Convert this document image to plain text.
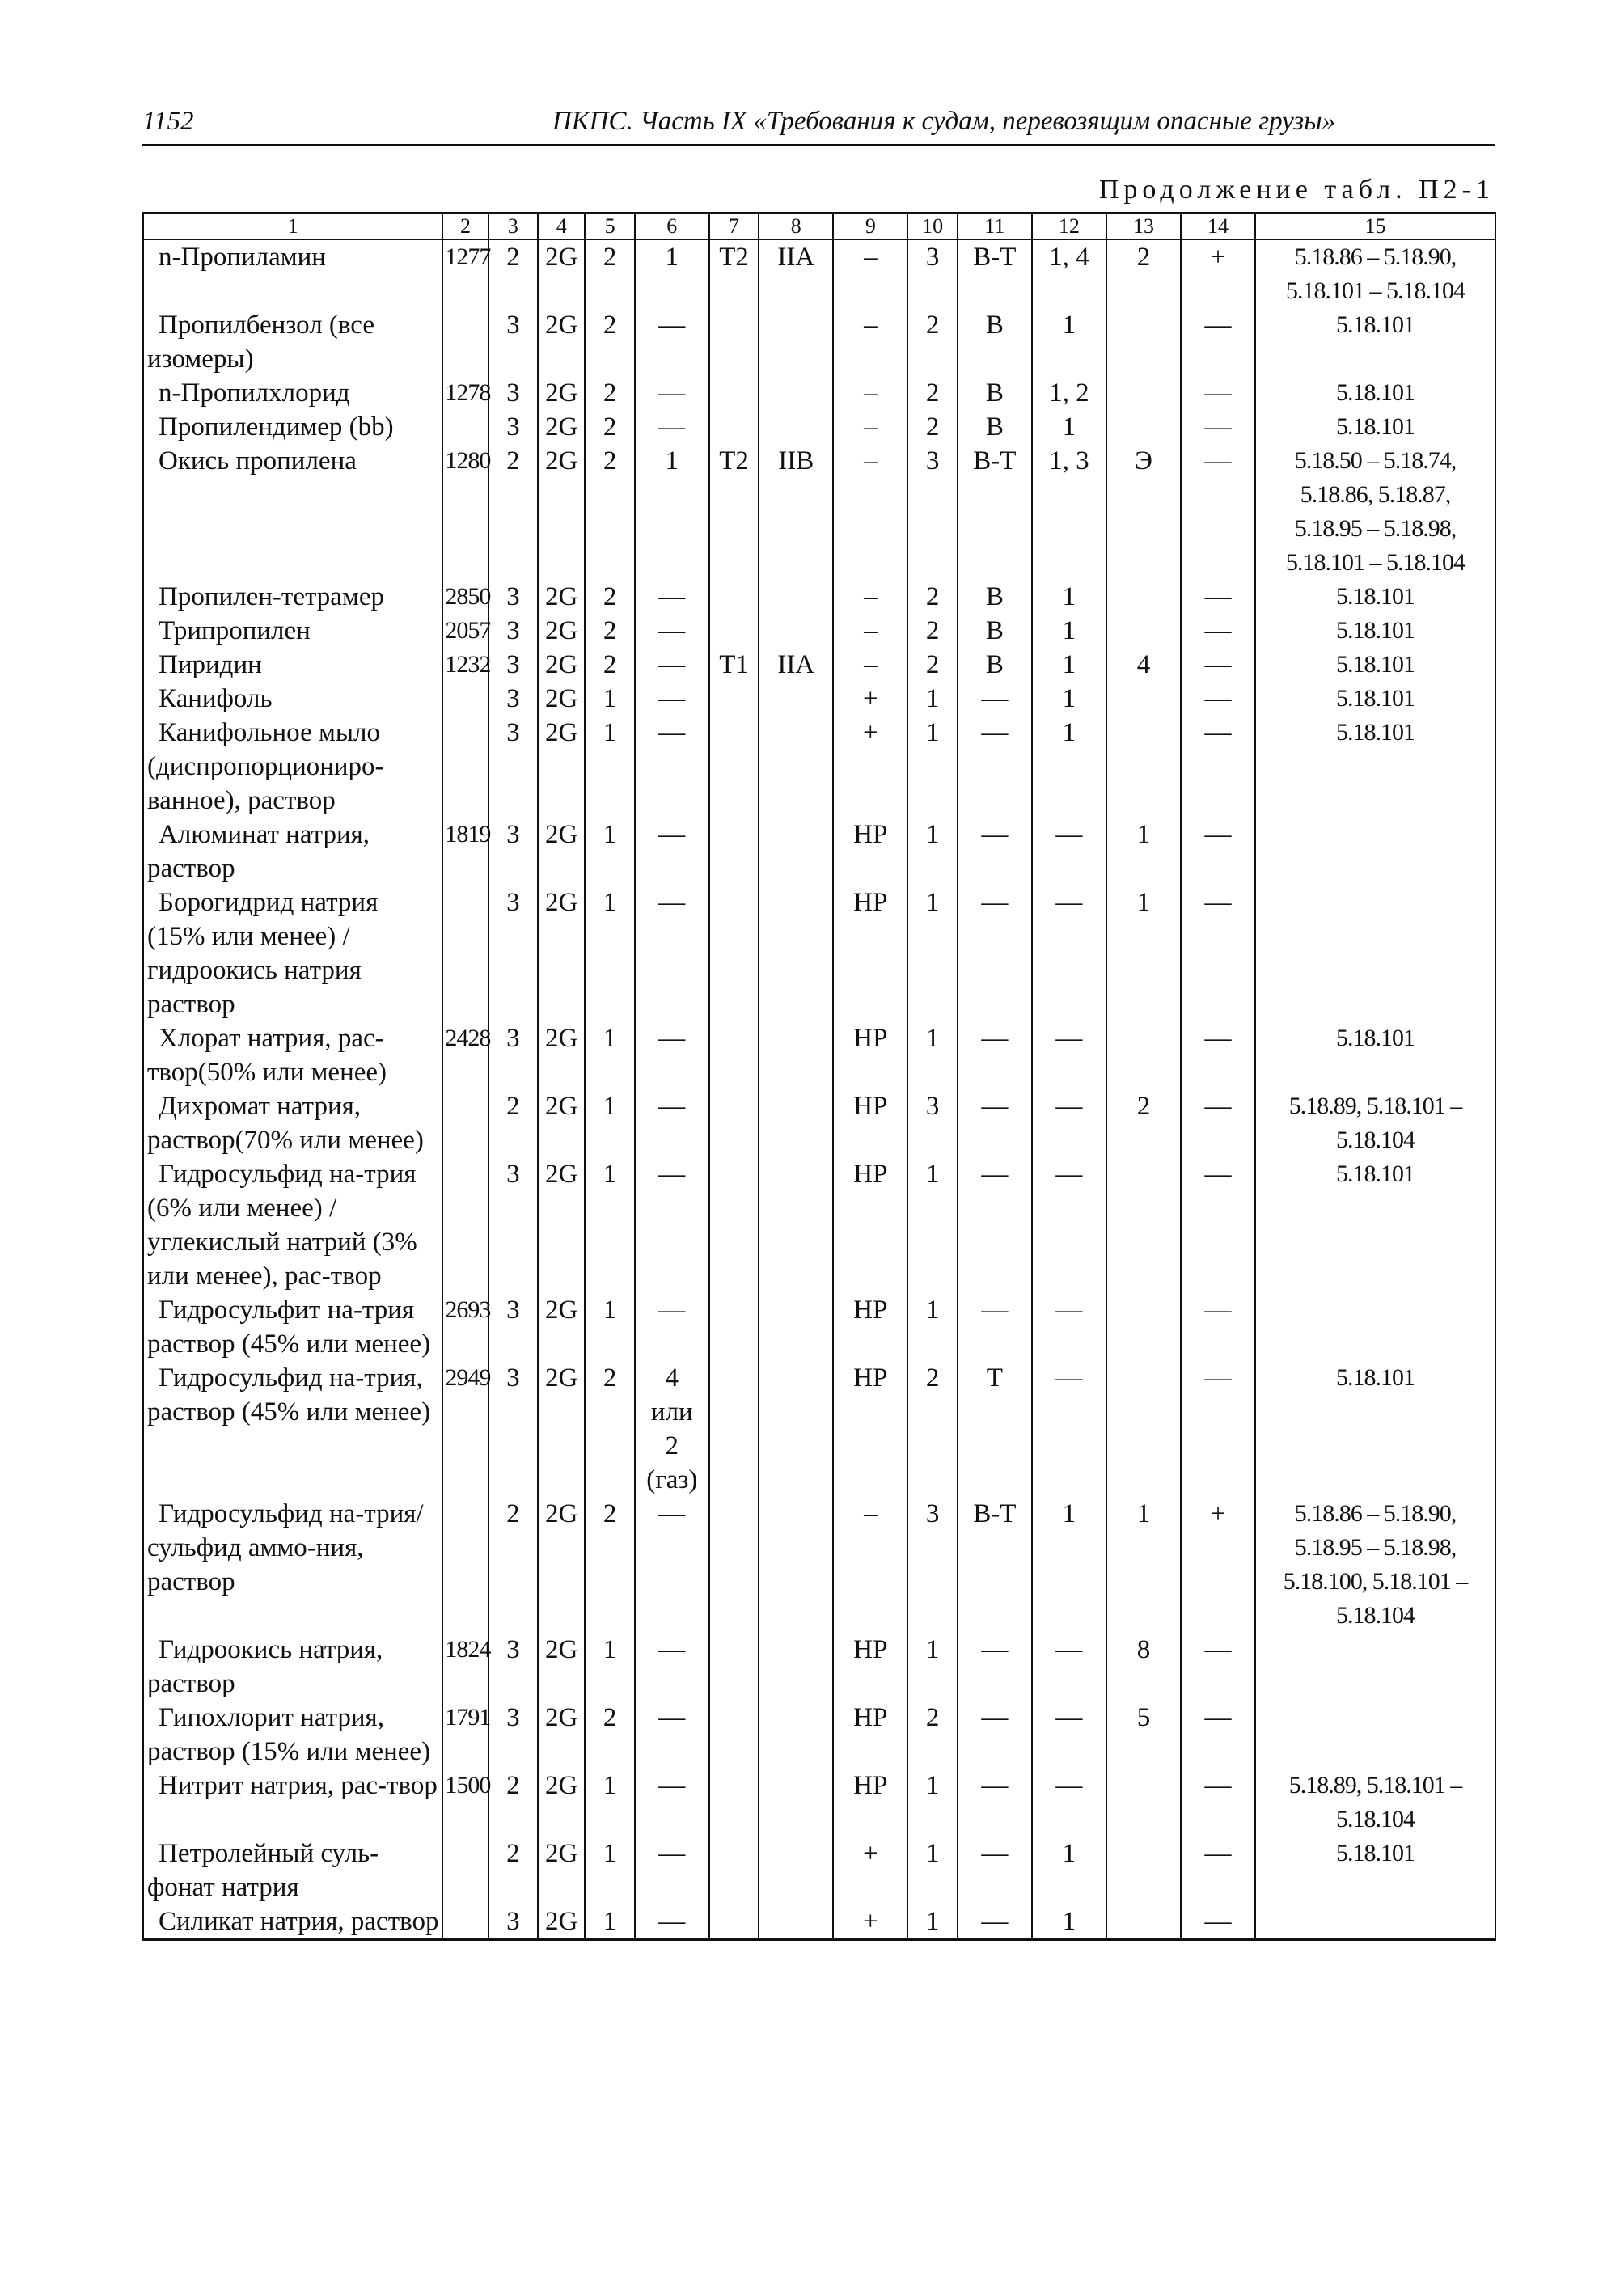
1152	ПКПС. Часть IX «Требования к судам, перевозящим опасные грузы»
Продолжение табл. П2-1
1	2	3	4	5	6	7	8	9	10	11	12	13	14	15
n-Пропиламин	1277	2	2G	2	1	T2	IIA	–	3	В-Т	1, 4	2	+	5.18.86 – 5.18.90,
5.18.101 – 5.18.104

Пропилбензол (все изомеры)		3	2G	2	—			–	2	В	1		—	5.18.101

n-Пропилхлорид	1278	3	2G	2	—			–	2	В	1, 2		—	5.18.101

Пропилендимер (bb)		3	2G	2	—			–	2	В	1		—	5.18.101

Окись пропилена	1280	2	2G	2	1	T2	IIB	–	3	В-Т	1, 3	Э	—	5.18.50 – 5.18.74,
5.18.86, 5.18.87,
5.18.95 – 5.18.98,
5.18.101 – 5.18.104

Пропилен-тетрамер	2850	3	2G	2	—			–	2	В	1		—	5.18.101

Трипропилен	2057	3	2G	2	—			–	2	В	1		—	5.18.101

Пиридин	1232	3	2G	2	—	T1	IIA	–	2	В	1	4	—	5.18.101

Канифоль		3	2G	1	—			+	1	—	1		—	5.18.101

Канифольное мыло (диспропорциониро-ванное), раствор		3	2G	1	—			+	1	—	1		—	5.18.101

Алюминат натрия, раствор	1819	3	2G	1	—			НР	1	—	—	1	—	
Борогидрид натрия (15% или менее) / гидроокись натрия раствор		3	2G	1	—			НР	1	—	—	1	—	
Хлорат натрия, рас-твор(50% или менее)	2428	3	2G	1	—			НР	1	—	—		—	5.18.101

Дихромат натрия, раствор(70% или менее)		2	2G	1	—			НР	3	—	—	2	—	5.18.89, 5.18.101 –
5.18.104

Гидросульфид на-трия (6% или менее) / углекислый натрий (3% или менее), рас-твор		3	2G	1	—			НР	1	—	—		—	5.18.101

Гидросульфит на-трия раствор (45% или менее)	2693	3	2G	1	—			НР	1	—	—		—	
Гидросульфид на-трия, раствор (45% или менее)	2949	3	2G	2	4
или
2
(газ)			НР	2	Т	—		—	5.18.101

Гидросульфид на-трия/сульфид аммо-ния, раствор		2	2G	2	—			–	3	В-Т	1	1	+	5.18.86 – 5.18.90,
5.18.95 – 5.18.98,
5.18.100, 5.18.101 –
5.18.104

Гидроокись натрия, раствор	1824	3	2G	1	—			НР	1	—	—	8	—	
Гипохлорит натрия, раствор (15% или менее)	1791	3	2G	2	—			НР	2	—	—	5	—	
Нитрит натрия, рас-твор	1500	2	2G	1	—			НР	1	—	—		—	5.18.89, 5.18.101 –
5.18.104

Петролейный суль-фонат натрия		2	2G	1	—			+	1	—	1		—	5.18.101

Силикат натрия, раствор		3	2G	1	—			+	1	—	1		—	
